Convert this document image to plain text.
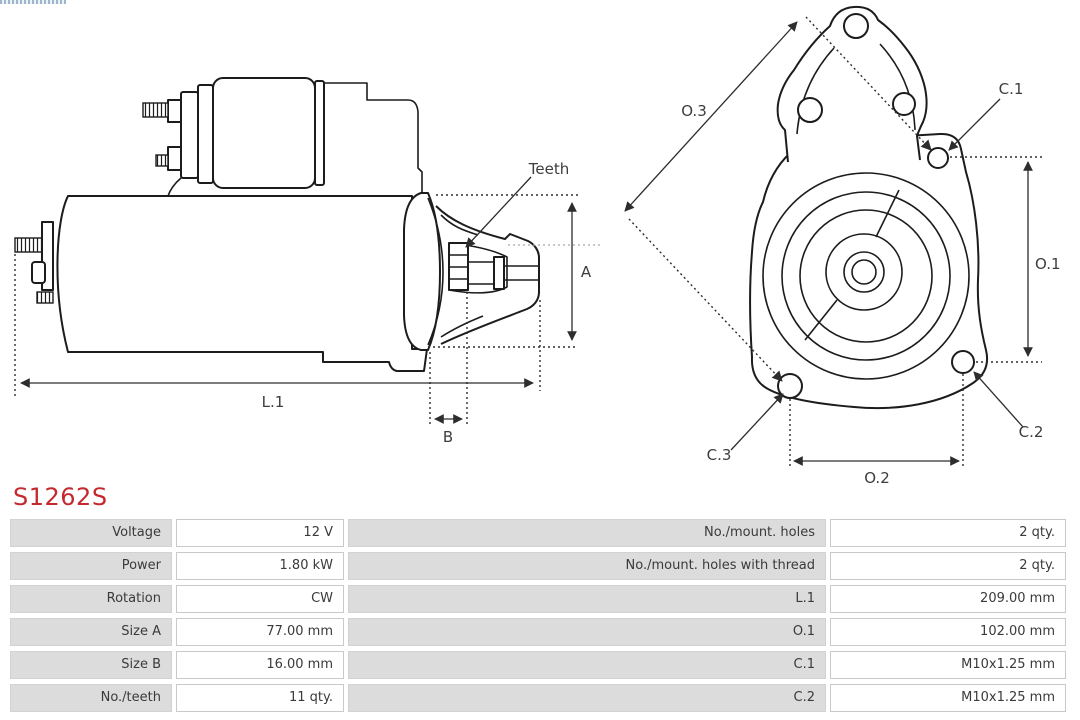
Teeth
A
L.1
B
O.3
C.1
O.1
C.3
C.2
O.2
S1262S
Voltage	12 V	No./mount. holes	2 qty.
Power	1.80 kW	No./mount. holes with thread	2 qty.
Rotation	CW	L.1	209.00 mm
Size A	77.00 mm	O.1	102.00 mm
Size B	16.00 mm	C.1	M10x1.25 mm
No./teeth	11 qty.	C.2	M10x1.25 mm
